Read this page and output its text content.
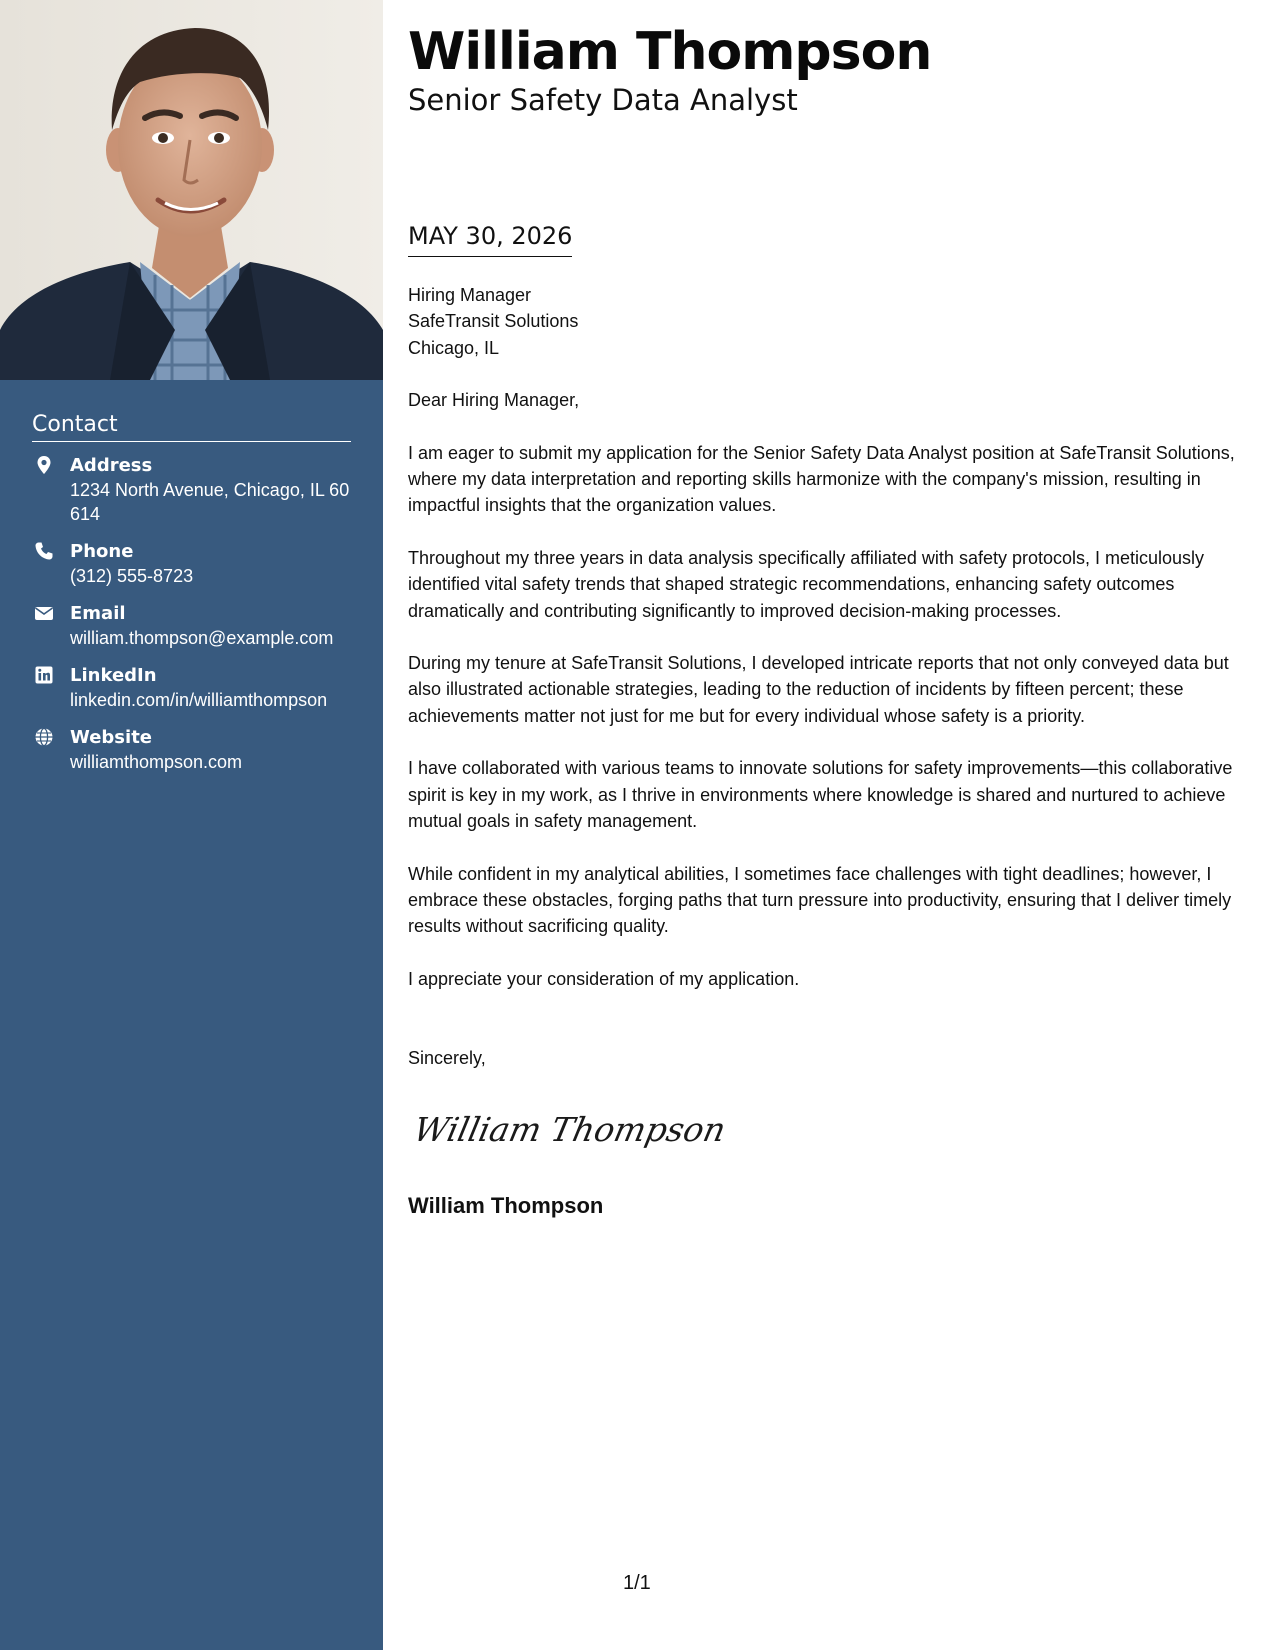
Contact
Address
1234 North Avenue, Chicago, IL 60614
Phone
(312) 555-8723
Email
william.thompson@example.com
LinkedIn
linkedin.com/in/williamthompson
Website
williamthompson.com
William Thompson
Senior Safety Data Analyst
MAY 30, 2026
Hiring Manager
SafeTransit Solutions
Chicago, IL

Dear Hiring Manager,

I am eager to submit my application for the Senior Safety Data Analyst position at SafeTransit Solutions, where my data interpretation and reporting skills harmonize with the company's mission, resulting in impactful insights that the organization values.

Throughout my three years in data analysis specifically affiliated with safety protocols, I meticulously identified vital safety trends that shaped strategic recommendations, enhancing safety outcomes dramatically and contributing significantly to improved decision-making processes.

During my tenure at SafeTransit Solutions, I developed intricate reports that not only conveyed data but also illustrated actionable strategies, leading to the reduction of incidents by fifteen percent; these achievements matter not just for me but for every individual whose safety is a priority.

I have collaborated with various teams to innovate solutions for safety improvements—this collaborative spirit is key in my work, as I thrive in environments where knowledge is shared and nurtured to achieve mutual goals in safety management.

While confident in my analytical abilities, I sometimes face challenges with tight deadlines; however, I embrace these obstacles, forging paths that turn pressure into productivity, ensuring that I deliver timely results without sacrificing quality.

I appreciate your consideration of my application.

Sincerely,
William Thompson
William Thompson
1/1
